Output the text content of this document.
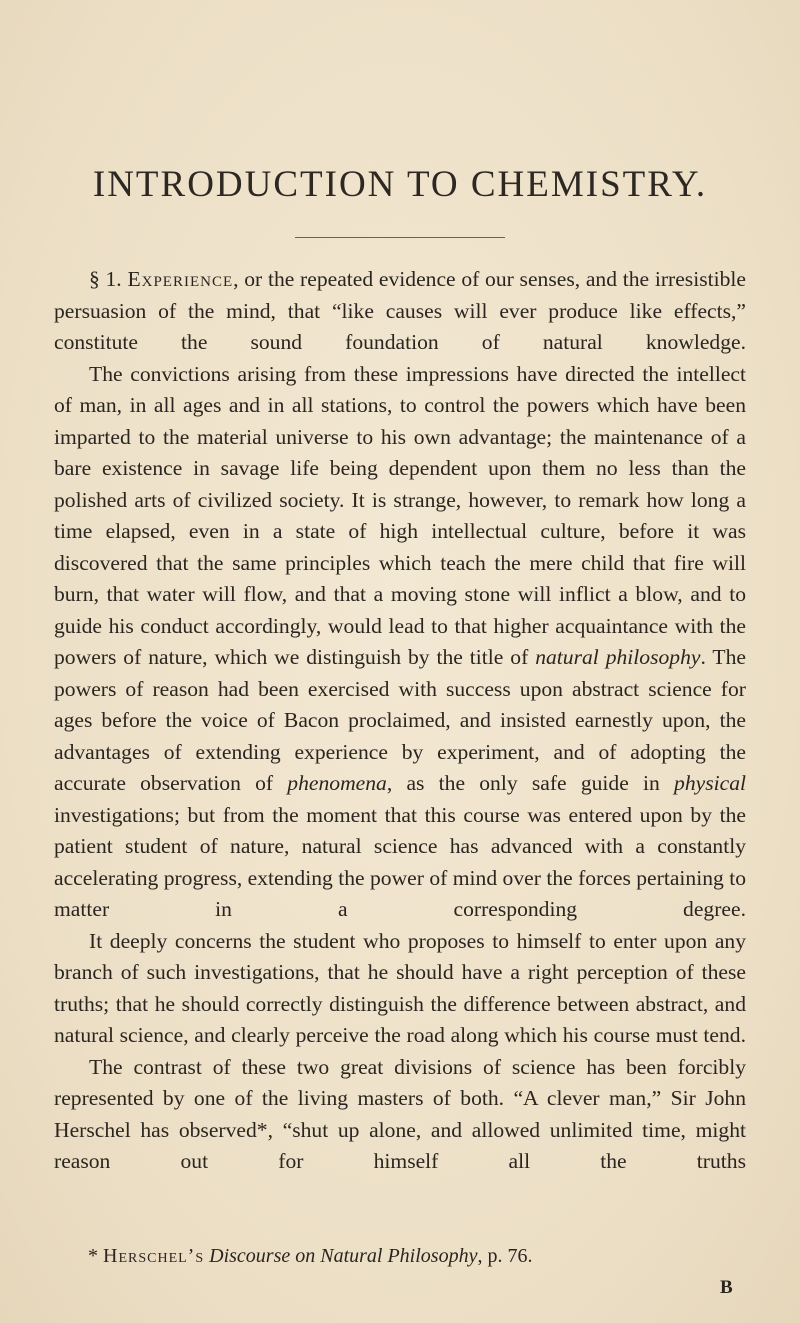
INTRODUCTION TO CHEMISTRY.

§ 1. Experience, or the repeated evidence of our senses, and the irresistible persuasion of the mind, that “like causes will ever produce like effects,” constitute the sound foundation of natural knowledge.

The convictions arising from these impressions have directed the intellect of man, in all ages and in all stations, to control the powers which have been imparted to the material universe to his own advantage; the maintenance of a bare existence in savage life being dependent upon them no less than the polished arts of civilized society. It is strange, however, to remark how long a time elapsed, even in a state of high intellectual culture, before it was discovered that the same principles which teach the mere child that fire will burn, that water will flow, and that a moving stone will inflict a blow, and to guide his conduct accordingly, would lead to that higher acquaintance with the powers of nature, which we distinguish by the title of natural philosophy. The powers of reason had been exercised with success upon abstract science for ages before the voice of Bacon proclaimed, and insisted earnestly upon, the advantages of extending experience by experiment, and of adopting the accurate observation of phenomena, as the only safe guide in physical investigations; but from the moment that this course was entered upon by the patient student of nature, natural science has advanced with a constantly accelerating progress, extending the power of mind over the forces pertaining to matter in a corresponding degree.

It deeply concerns the student who proposes to himself to enter upon any branch of such investigations, that he should have a right perception of these truths; that he should correctly distinguish the difference between abstract, and natural science, and clearly perceive the road along which his course must tend.

The contrast of these two great divisions of science has been forcibly represented by one of the living masters of both. “A clever man,” Sir John Herschel has observed*, “shut up alone, and allowed unlimited time, might reason out for himself all the truths

* Herschel’s Discourse on Natural Philosophy, p. 76.
B
